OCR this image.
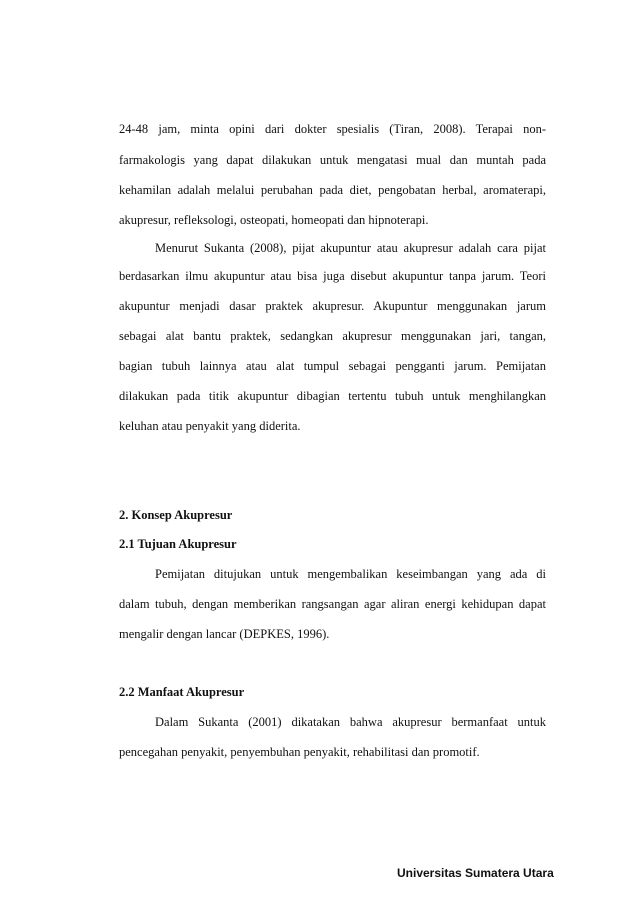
24-48 jam, minta opini dari dokter spesialis (Tiran, 2008). Terapai non-
farmakologis yang dapat dilakukan untuk mengatasi mual dan muntah pada
kehamilan adalah melalui perubahan pada diet, pengobatan herbal, aromaterapi,
akupresur, refleksologi, osteopati, homeopati dan hipnoterapi.
Menurut Sukanta (2008), pijat akupuntur atau akupresur adalah cara pijat
berdasarkan ilmu akupuntur atau bisa juga disebut akupuntur tanpa jarum. Teori
akupuntur menjadi dasar praktek akupresur. Akupuntur menggunakan jarum
sebagai alat bantu praktek, sedangkan akupresur menggunakan jari, tangan,
bagian tubuh lainnya atau alat tumpul sebagai pengganti jarum. Pemijatan
dilakukan pada titik akupuntur dibagian tertentu tubuh untuk menghilangkan
keluhan atau penyakit yang diderita.
2. Konsep Akupresur
2.1 Tujuan Akupresur
Pemijatan ditujukan untuk mengembalikan keseimbangan yang ada di
dalam tubuh, dengan memberikan rangsangan agar aliran energi kehidupan dapat
mengalir dengan lancar (DEPKES, 1996).
2.2 Manfaat Akupresur
Dalam Sukanta (2001) dikatakan bahwa akupresur bermanfaat untuk
pencegahan penyakit, penyembuhan penyakit, rehabilitasi dan promotif.
Universitas Sumatera Utara
